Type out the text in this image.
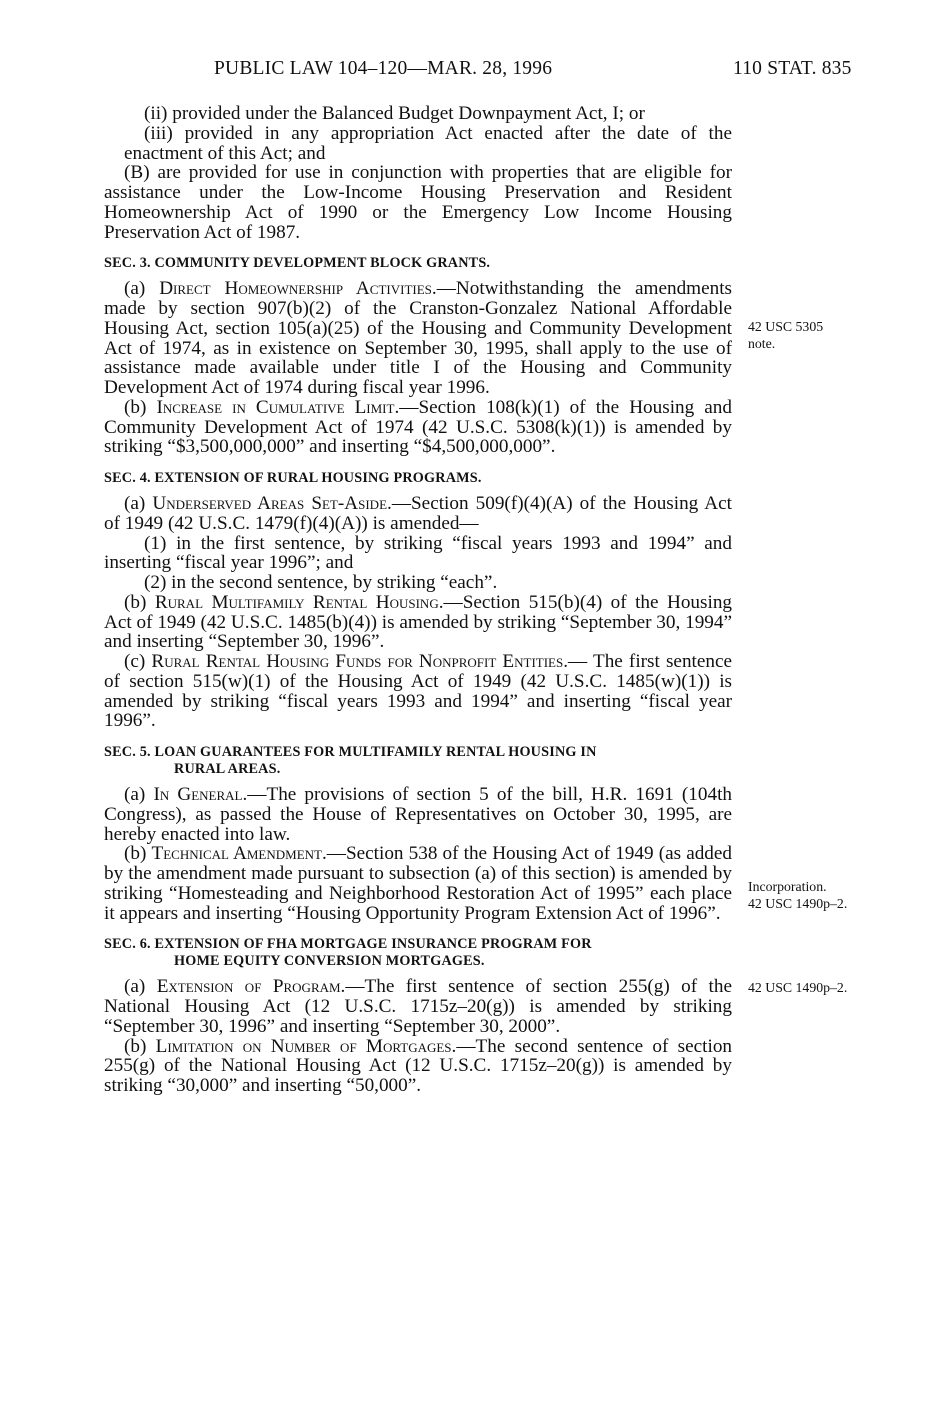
PUBLIC LAW 104–120—MAR. 28, 1996	110 STAT. 835

(ii) provided under the Balanced Budget Downpayment Act, I; or

(iii) provided in any appropriation Act enacted after the date of the enactment of this Act; and

(B) are provided for use in conjunction with properties that are eligible for assistance under the Low-Income Housing Preservation and Resident Homeownership Act of 1990 or the Emergency Low Income Housing Preservation Act of 1987.

SEC. 3. COMMUNITY DEVELOPMENT BLOCK GRANTS.

(a) Direct Homeownership Activities.—Notwithstanding the amendments made by section 907(b)(2) of the Cranston-Gonzalez National Affordable Housing Act, section 105(a)(25) of the Housing and Community Development Act of 1974, as in existence on September 30, 1995, shall apply to the use of assistance made available under title I of the Housing and Community Development Act of 1974 during fiscal year 1996.

(b) Increase in Cumulative Limit.—Section 108(k)(1) of the Housing and Community Development Act of 1974 (42 U.S.C. 5308(k)(1)) is amended by striking “$3,500,000,000” and inserting “$4,500,000,000”.

SEC. 4. EXTENSION OF RURAL HOUSING PROGRAMS.

(a) Underserved Areas Set-Aside.—Section 509(f)(4)(A) of the Housing Act of 1949 (42 U.S.C. 1479(f)(4)(A)) is amended—

(1) in the first sentence, by striking “fiscal years 1993 and 1994” and inserting “fiscal year 1996”; and

(2) in the second sentence, by striking “each”.

(b) Rural Multifamily Rental Housing.—Section 515(b)(4) of the Housing Act of 1949 (42 U.S.C. 1485(b)(4)) is amended by striking “September 30, 1994” and inserting “September 30, 1996”.

(c) Rural Rental Housing Funds for Nonprofit Entities.— The first sentence of section 515(w)(1) of the Housing Act of 1949 (42 U.S.C. 1485(w)(1)) is amended by striking “fiscal years 1993 and 1994” and inserting “fiscal year 1996”.

SEC. 5. LOAN GUARANTEES FOR MULTIFAMILY RENTAL HOUSING IN
RURAL AREAS.

(a) In General.—The provisions of section 5 of the bill, H.R. 1691 (104th Congress), as passed the House of Representatives on October 30, 1995, are hereby enacted into law.

(b) Technical Amendment.—Section 538 of the Housing Act of 1949 (as added by the amendment made pursuant to subsection (a) of this section) is amended by striking “Homesteading and Neighborhood Restoration Act of 1995” each place it appears and inserting “Housing Opportunity Program Extension Act of 1996”.

SEC. 6. EXTENSION OF FHA MORTGAGE INSURANCE PROGRAM FOR
HOME EQUITY CONVERSION MORTGAGES.

(a) Extension of Program.—The first sentence of section 255(g) of the National Housing Act (12 U.S.C. 1715z–20(g)) is amended by striking “September 30, 1996” and inserting “September 30, 2000”.

(b) Limitation on Number of Mortgages.—The second sentence of section 255(g) of the National Housing Act (12 U.S.C. 1715z–20(g)) is amended by striking “30,000” and inserting “50,000”.

42 USC 5305
note.
Incorporation.
42 USC 1490p–2.
42 USC 1490p–2.
